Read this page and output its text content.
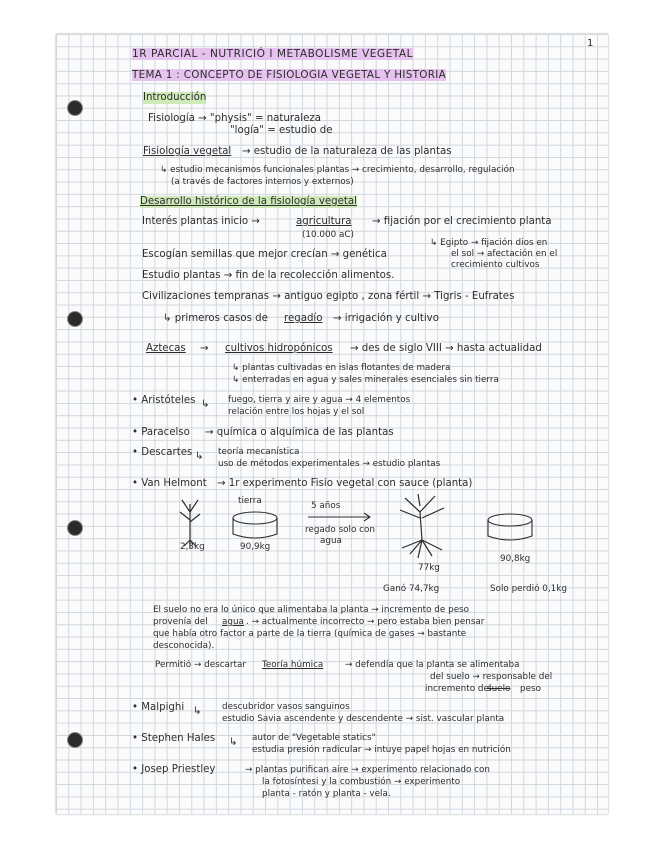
1
1R PARCIAL - NUTRICIÓ I METABOLISME VEGETAL
TEMA 1 : CONCEPTO DE FISIOLOGIA VEGETAL Y HISTORIA
Introducción
Fisiología → "physis" = naturaleza
"logía" = estudio de
Fisiología vegetal → estudio de la naturaleza de las plantas
↳ estudio mecanismos funcionales plantas → crecimiento, desarrollo, regulación
(a través de factores internos y externos)
Desarrollo histórico de la fisiología vegetal
Interés plantas inicio →	agricultura → fijación por el crecimiento planta
(10.000 aC)
↳ Egipto → fijación dios en
el sol → afectación en el
crecimiento cultivos
Escogían semillas que mejor crecían → genética
Estudio plantas → fin de la recolección alimentos.
Civilizaciones tempranas → antiguo egipto , zona fértil → Tigris - Eufrates
↳ primeros casos de regadío → irrigación y cultivo
Aztecas → cultivos hidropónicos → des de siglo VIII → hasta actualidad
↳ plantas cultivadas en islas flotantes de madera
↳ enterradas en agua y sales minerales esenciales sin tierra
• Aristóteles ↳ fuego, tierra y aire y agua → 4 elementos
relación entre los hojas y el sol
• Paracelso → química o alquímica de las plantas
• Descartes ↳ teoría mecanística
uso de métodos experimentales → estudio plantas
• Van Helmont → 1r experimento Fisio vegetal con sauce (planta)
tierra	5 años
regado solo con
agua
2,3kg	90,9kg
77kg
90,8kg
Ganó 74,7kg	Solo perdió 0,1kg
El suelo no era lo único que alimentaba la planta → incremento de peso
provenía del agua . → actualmente incorrecto → pero estaba bien pensar
que había otro factor a parte de la tierra (química de gases → bastante
desconocida).
Permitió → descartar Teoría húmica → defendía que la planta se alimentaba
del suelo → responsable del
incremento del
suelo peso
• Malpighi ↳ descubridor vasos sanguinos
estudio Savia ascendente y descendente → sist. vascular planta
• Stephen Hales ↳ autor de "Vegetable statics"
estudia presión radicular → intuye papel hojas en nutrición
• Josep Priestley	→ plantas purifican aire → experimento relacionado con
la fotosíntesi y la combustión → experimento
planta - ratón y planta - vela.
